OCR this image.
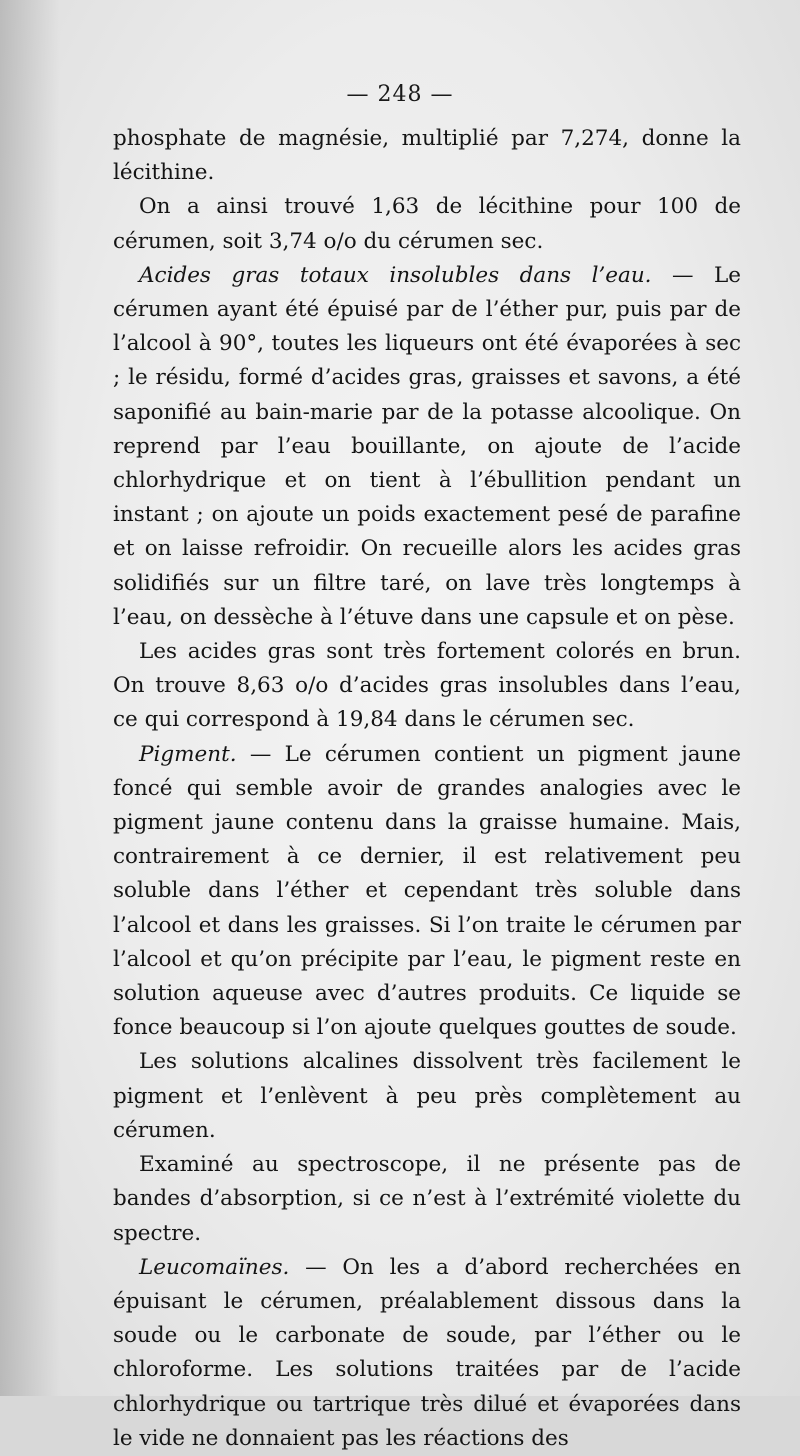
— 248 —

phosphate de magnésie, multiplié par 7,274, donne la lécithine.

On a ainsi trouvé 1,63 de lécithine pour 100 de cérumen, soit 3,74 o/o du cérumen sec.

Acides gras totaux insolubles dans l’eau. — Le cérumen ayant été épuisé par de l’éther pur, puis par de l’alcool à 90°, toutes les liqueurs ont été évaporées à sec ; le résidu, formé d’acides gras, graisses et savons, a été saponifié au bain-marie par de la potasse alcoolique. On reprend par l’eau bouillante, on ajoute de l’acide chlorhydrique et on tient à l’ébullition pendant un instant ; on ajoute un poids exactement pesé de parafine et on laisse refroidir. On recueille alors les acides gras solidifiés sur un filtre taré, on lave très longtemps à l’eau, on dessèche à l’étuve dans une capsule et on pèse.

Les acides gras sont très fortement colorés en brun. On trouve 8,63 o/o d’acides gras insolubles dans l’eau, ce qui correspond à 19,84 dans le cérumen sec.

Pigment. — Le cérumen contient un pigment jaune foncé qui semble avoir de grandes analogies avec le pigment jaune contenu dans la graisse humaine. Mais, contrairement à ce dernier, il est relativement peu soluble dans l’éther et cependant très soluble dans l’alcool et dans les graisses. Si l’on traite le cérumen par l’alcool et qu’on précipite par l’eau, le pigment reste en solution aqueuse avec d’autres produits. Ce liquide se fonce beaucoup si l’on ajoute quelques gouttes de soude.

Les solutions alcalines dissolvent très facilement le pigment et l’enlèvent à peu près complètement au cérumen.

Examiné au spectroscope, il ne présente pas de bandes d’absorption, si ce n’est à l’extrémité violette du spectre.

Leucomaïnes. — On les a d’abord recherchées en épuisant le cérumen, préalablement dissous dans la soude ou le carbonate de soude, par l’éther ou le chloroforme. Les solutions traitées par de l’acide chlorhydrique ou tartrique très dilué et évaporées dans le vide ne donnaient pas les réactions des
